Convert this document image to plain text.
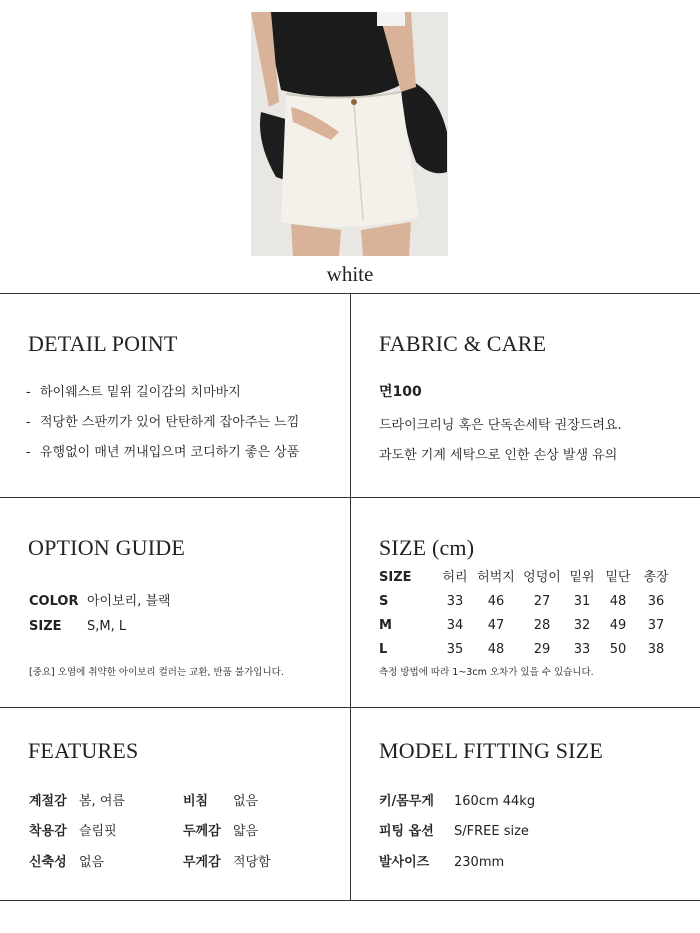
white
DETAIL POINT
- 하이웨스트 밑위 길이감의 치마바지
- 적당한 스판끼가 있어 탄탄하게 잡아주는 느낌
- 유행없이 매년 꺼내입으며 코디하기 좋은 상품
FABRIC & CARE
면100
드라이크리닝 혹은 단독손세탁 권장드려요.
과도한 기계 세탁으로 인한 손상 발생 유의
OPTION GUIDE
COLOR 아이보리, 블랙
SIZE S,M, L
[중요] 오염에 취약한 아이보리 컬러는 교환, 반품 불가입니다.
SIZE (cm)
SIZE	허리	허벅지	엉덩이	밑위	밑단	총장
S	33	46	27	31	48	36
M	34	47	28	32	49	37
L	35	48	29	33	50	38
측정 방법에 따라 1~3cm 오차가 있을 수 있습니다.
FEATURES
계절감 봄, 여름	비침 없음
착용감 슬림핏	두께감 얇음
신축성 없음	무게감 적당함
MODEL FITTING SIZE
키/몸무게 160cm 44kg
피팅 옵션 S/FREE size
발사이즈 230mm
